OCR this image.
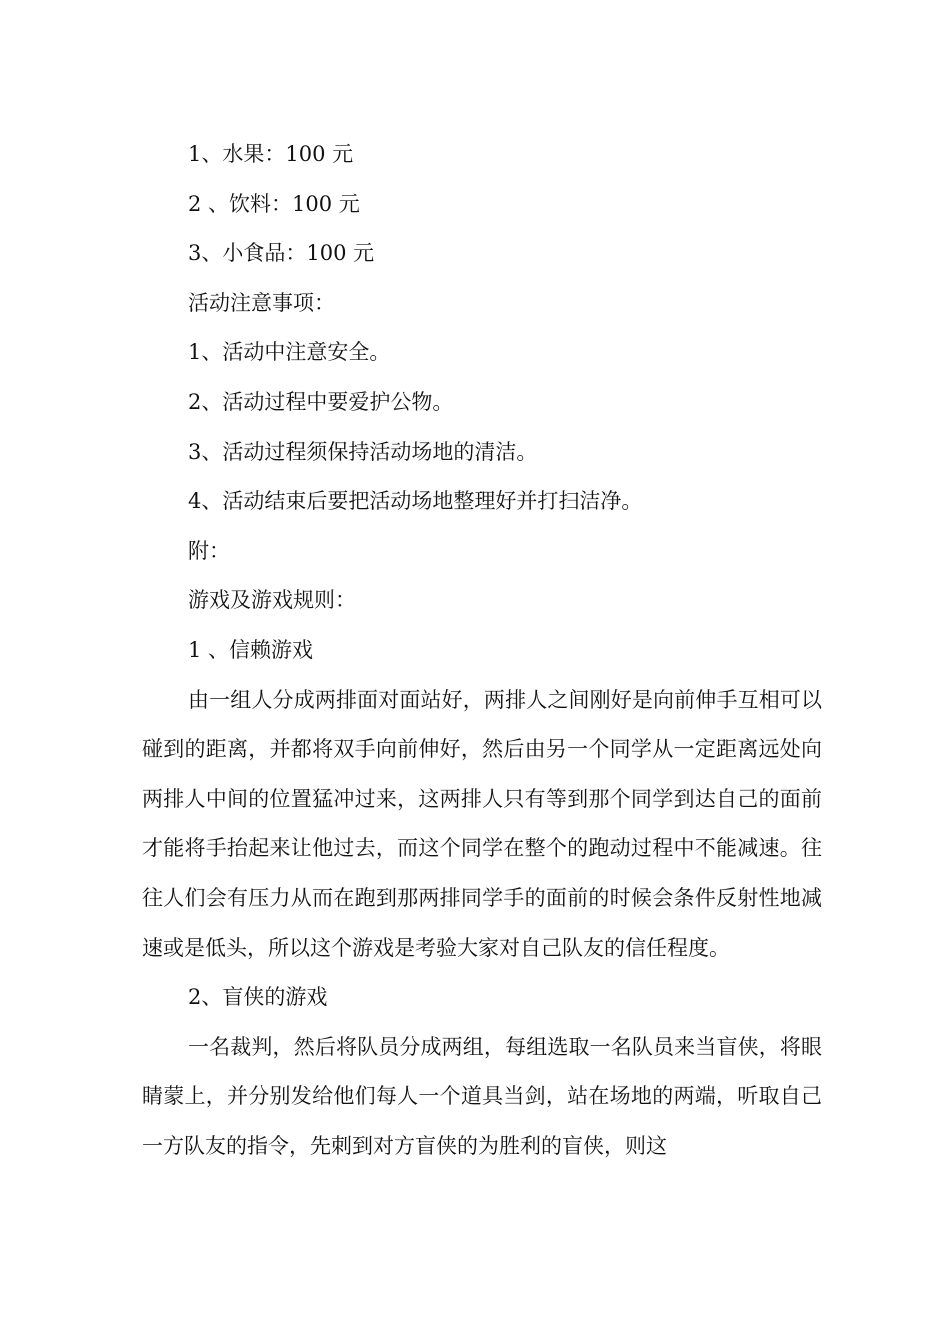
1、水果：100 元
2 、饮料：100 元
3、小食品：100 元
活动注意事项：
1、活动中注意安全。
2、活动过程中要爱护公物。
3、活动过程须保持活动场地的清洁。
4、活动结束后要把活动场地整理好并打扫洁净。
附：
游戏及游戏规则：
1 、信赖游戏

由一组人分成两排面对面站好，两排人之间刚好是向前伸手互相可以碰到的距离，并都将双手向前伸好，然后由另一个同学从一定距离远处向两排人中间的位置猛冲过来，这两排人只有等到那个同学到达自己的面前才能将手抬起来让他过去，而这个同学在整个的跑动过程中不能减速。往往人们会有压力从而在跑到那两排同学手的面前的时候会条件反射性地减速或是低头，所以这个游戏是考验大家对自己队友的信任程度。

2、盲侠的游戏

一名裁判，然后将队员分成两组，每组选取一名队员来当盲侠，将眼睛蒙上，并分别发给他们每人一个道具当剑，站在场地的两端，听取自己一方队友的指令，先刺到对方盲侠的为胜利的盲侠，则这
